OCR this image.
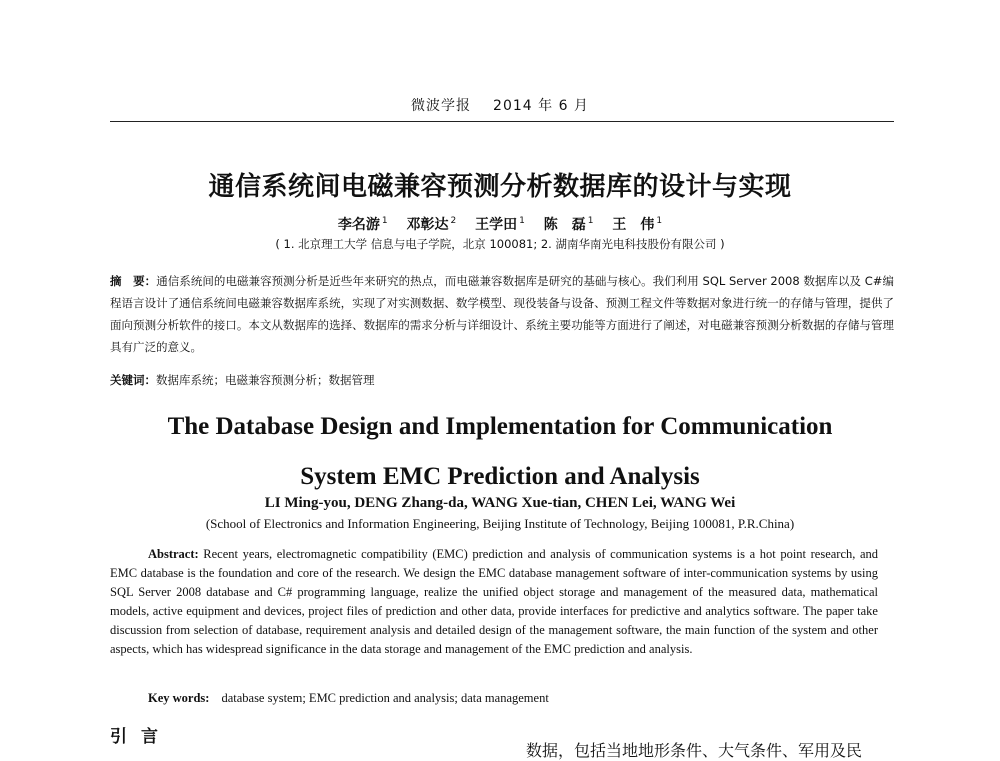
微波学报 2014 年 6 月
通信系统间电磁兼容预测分析数据库的设计与实现
李名游 $^1$ 邓彰达 $^2$ 王学田 $^1$ 陈　磊 $^1$ 王　伟 $^1$
( 1. 北京理工大学 信息与电子学院，北京 100081; 2. 湖南华南光电科技股份有限公司 )
摘　要：通信系统间的电磁兼容预测分析是近些年来研究的热点，而电磁兼容数据库是研究的基础与核心。我们利用 SQL Server 2008 数据库以及 C#编程语言设计了通信系统间电磁兼容数据库系统，实现了对实测数据、数学模型、现役装备与设备、预测工程文件等数据对象进行统一的存储与管理，提供了面向预测分析软件的接口。本文从数据库的选择、数据库的需求分析与详细设计、系统主要功能等方面进行了阐述，对电磁兼容预测分析数据的存储与管理具有广泛的意义。
关键词：数据库系统；电磁兼容预测分析；数据管理
The Database Design and Implementation for Communication
System EMC Prediction and Analysis
LI Ming-you, DENG Zhang-da, WANG Xue-tian, CHEN Lei, WANG Wei
(School of Electronics and Information Engineering, Beijing Institute of Technology, Beijing 100081, P.R.China)
Abstract: Recent years, electromagnetic compatibility (EMC) prediction and analysis of communication systems is a hot point research, and EMC database is the foundation and core of the research. We design the EMC database management software of inter-communication systems by using SQL Server 2008 database and C# programming language, realize the unified object storage and management of the measured data, mathematical models, active equipment and devices, project files of prediction and other data, provide interfaces for predictive and analytics software. The paper take discussion from selection of database, requirement analysis and detailed design of the management software, the main function of the system and other aspects, which has widespread significance in the data storage and management of the EMC prediction and analysis.
Key words: database system; EMC prediction and analysis; data management
引言
数据，包括当地地形条件、大气条件、军用及民
